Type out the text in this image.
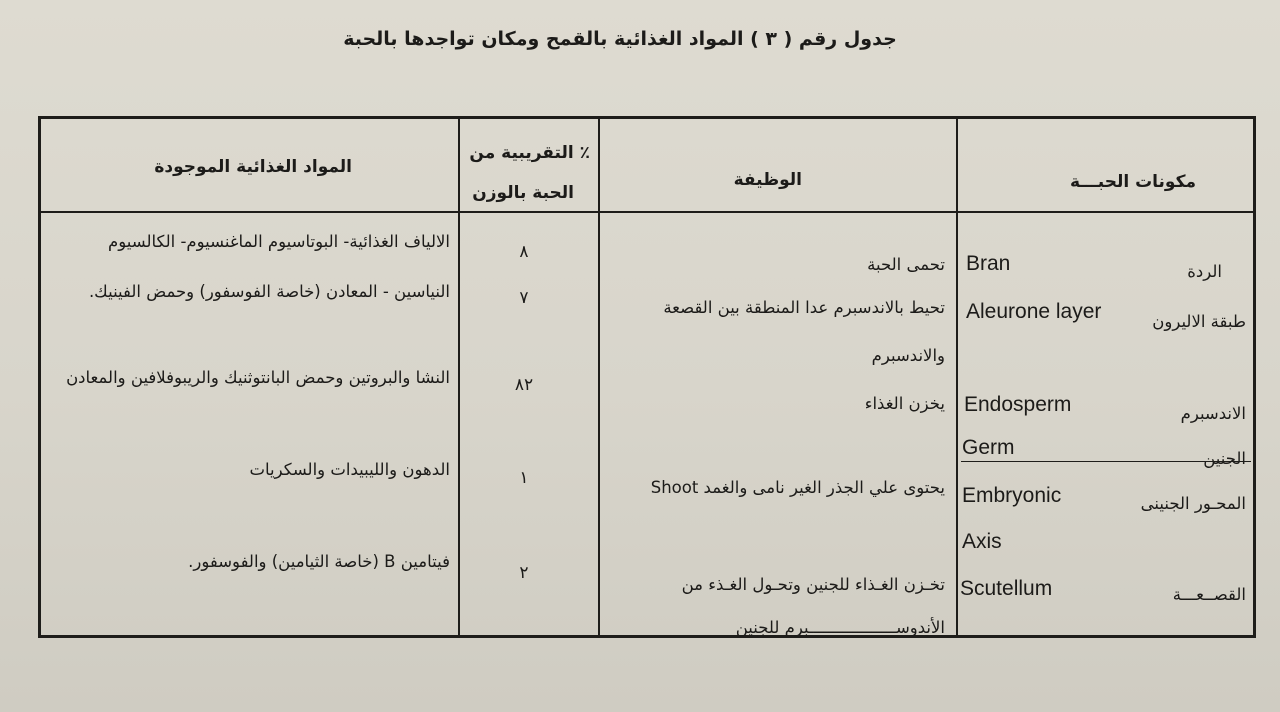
جدول رقم ( ٣ ) المواد الغذائية بالقمح ومكان تواجدها بالحبة
مكونات الحبـــة
الوظيفة
٪ التقريبية من
الحبة بالوزن
المواد الغذائية الموجودة
الردة
Bran
طبقة الاليرون
Aleurone layer
الاندسبرم
Endosperm
الجنين
Germ
المحـور الجنينى
Embryonic
Axis
القصــعـــة
Scutellum
تحمى الحبة
تحيط بالاندسبرم عدا المنطقة بين القصعة
والاندسبرم
يخزن الغذاء
يحتوى علي الجذر الغير نامى والغمد Shoot
تخـزن الغـذاء للجنين وتحـول الغـذء من
الأندوســــــــــــــــــبرم للجنين
٨
٧
٨٢
١
٢
الالياف الغذائية- البوتاسيوم الماغنسيوم- الكالسيوم
النياسين - المعادن (خاصة الفوسفور) وحمض الفينيك.
النشا والبروتين وحمض البانتوثنيك والريبوفلافين والمعادن
الدهون والليبيدات والسكريات
فيتامين B (خاصة الثيامين) والفوسفور.
